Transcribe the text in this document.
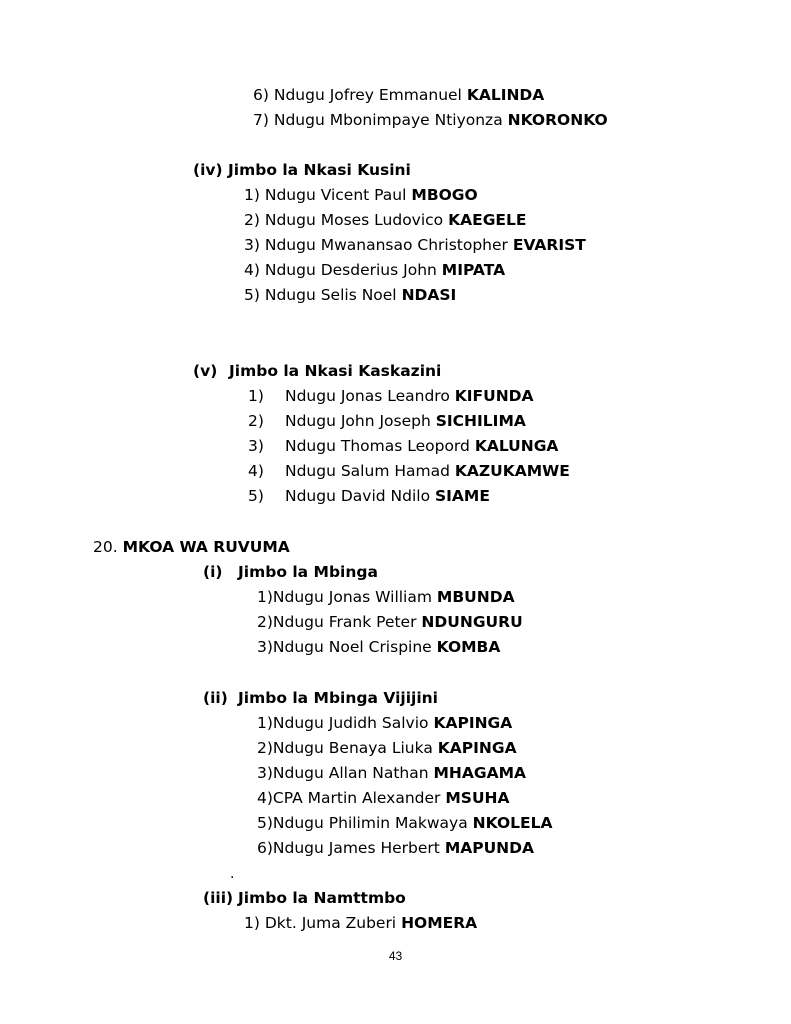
6) Ndugu Jofrey Emmanuel KALINDA
7) Ndugu Mbonimpaye Ntiyonza NKORONKO
(iv) Jimbo la Nkasi Kusini
1) Ndugu Vicent Paul MBOGO
2) Ndugu Moses Ludovico KAEGELE
3) Ndugu Mwanansao Christopher EVARIST
4) Ndugu Desderius John MIPATA
5) Ndugu Selis Noel NDASI
(v) Jimbo la Nkasi Kaskazini
1) Ndugu Jonas Leandro KIFUNDA
2) Ndugu John Joseph SICHILIMA
3) Ndugu Thomas Leopord KALUNGA
4) Ndugu Salum Hamad KAZUKAMWE
5) Ndugu David Ndilo SIAME
20. MKOA WA RUVUMA
(i) Jimbo la Mbinga
1)Ndugu Jonas William MBUNDA
2)Ndugu Frank Peter NDUNGURU
3)Ndugu Noel Crispine KOMBA
(ii) Jimbo la Mbinga Vijijini
1)Ndugu Judidh Salvio KAPINGA
2)Ndugu Benaya Liuka KAPINGA
3)Ndugu Allan Nathan MHAGAMA
4)CPA Martin Alexander MSUHA
5)Ndugu Philimin Makwaya NKOLELA
6)Ndugu James Herbert MAPUNDA
.
(iii) Jimbo la Namttmbo
1) Dkt. Juma Zuberi HOMERA
43
